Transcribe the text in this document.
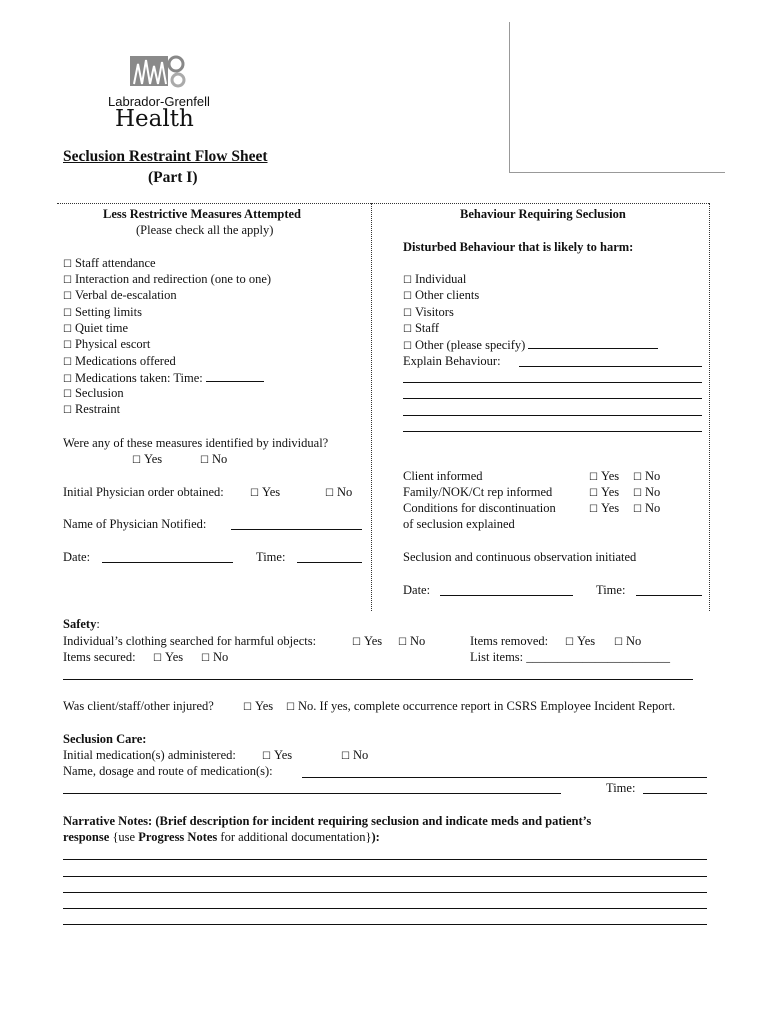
Labrador-Grenfell
Health
Seclusion Restraint Flow Sheet
(Part I)
Less Restrictive Measures Attempted
(Please check all the apply)
☐ Staff attendance
☐ Interaction and redirection (one to one)
☐ Verbal de-escalation
☐ Setting limits
☐ Quiet time
☐ Physical escort
☐ Medications offered
☐ Medications taken: Time:
☐ Seclusion
☐ Restraint
Were any of these measures identified by individual?
☐ Yes	☐ No
Initial Physician order obtained:	☐ Yes	☐ No
Name of Physician Notified:
Date:	Time:
Behaviour Requiring Seclusion
Disturbed Behaviour that is likely to harm:
☐ Individual
☐ Other clients
☐ Visitors
☐ Staff
☐ Other (please specify)
Explain Behaviour:
Client informed	☐ Yes ☐ No
Family/NOK/Ct rep informed	☐ Yes ☐ No
Conditions for discontinuation	☐ Yes ☐ No
of seclusion explained
Seclusion and continuous observation initiated
Date:	Time:
Safety:
Individual’s clothing searched for harmful objects:	☐ Yes ☐ No	Items removed: ☐ Yes ☐ No
Items secured: ☐ Yes ☐ No	List items: _______________________
Was client/staff/other injured?	☐ Yes ☐ No. If yes, complete occurrence report in CSRS Employee Incident Report.
Seclusion Care:
Initial medication(s) administered:	☐ Yes	☐ No
Name, dosage and route of medication(s):
Time:
Narrative Notes: (Brief description for incident requiring seclusion and indicate meds and patient’s
response {use Progress Notes for additional documentation}):
